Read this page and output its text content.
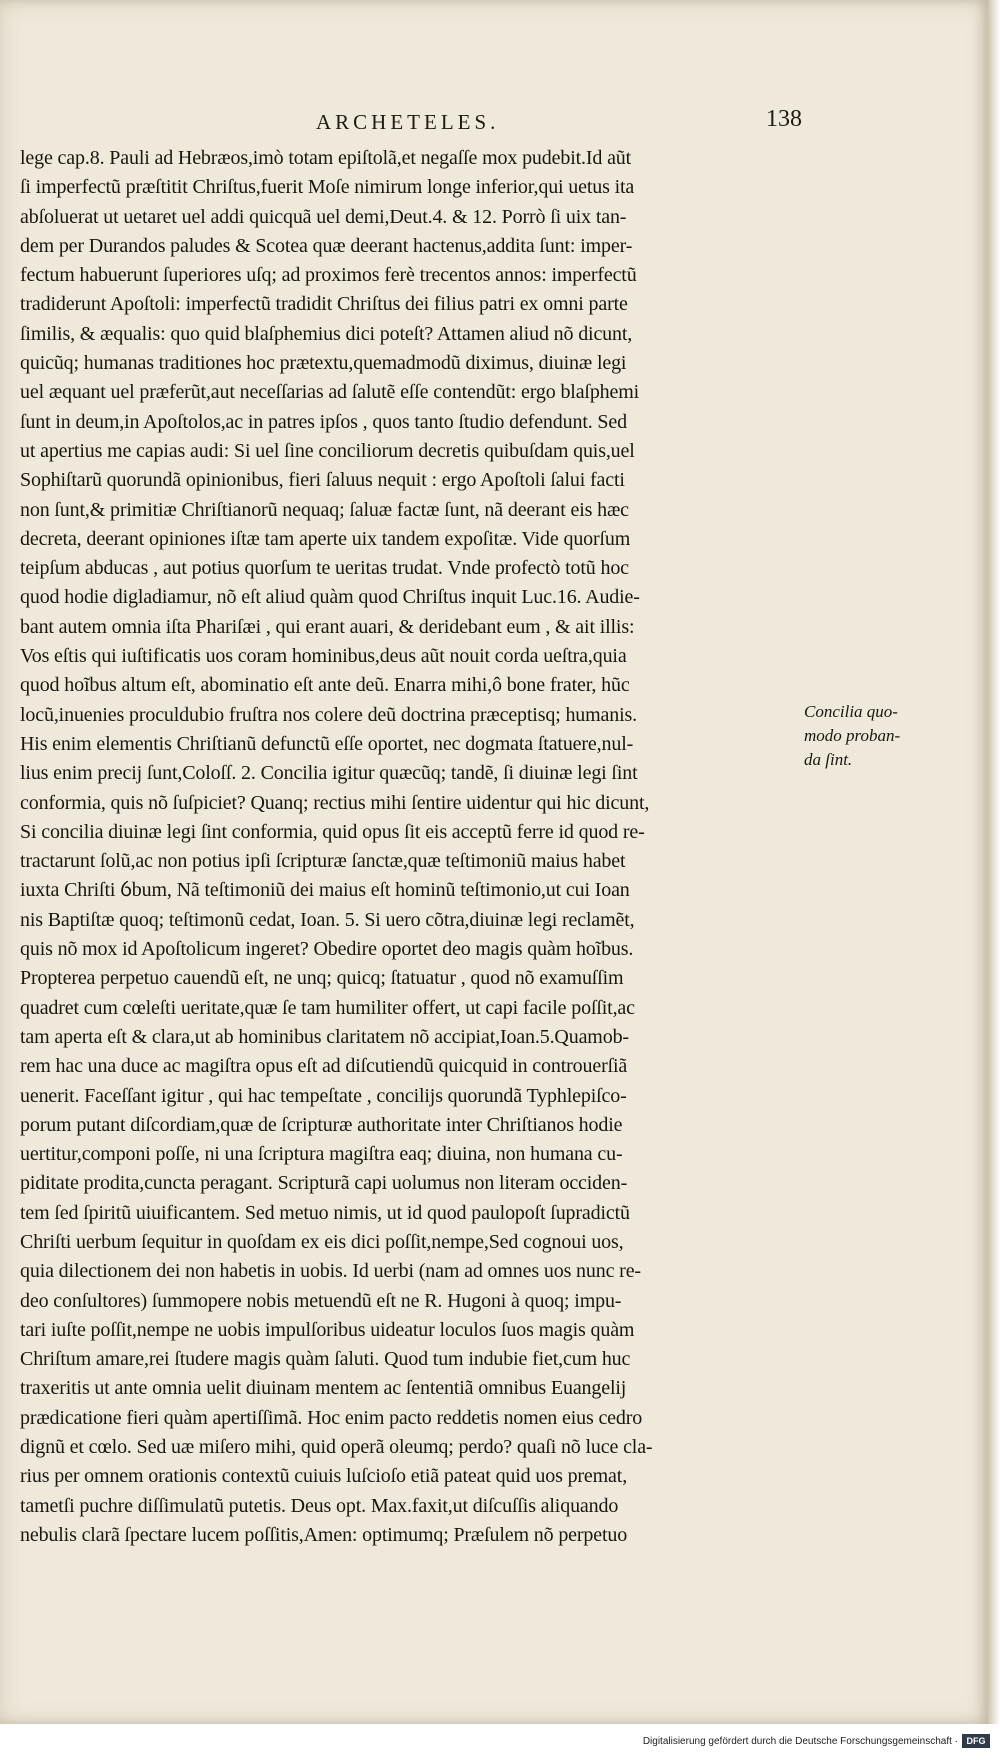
ARCHETELES.	138
lege cap.8. Pauli ad Hebræos,imò totam epiſtolã,et negaſſe mox pudebit.Id aũt
ſi imperfectũ præſtitit Chriſtus,fuerit Moſe nimirum longe inferior,qui uetus ita
abſoluerat ut uetaret uel addi quicquã uel demi,Deut.4. & 12. Porrò ſi uix tan-
dem per Durandos paludes & Scotea quæ deerant hactenus,addita ſunt: imper-
fectum habuerunt ſuperiores uſq; ad proximos ferè trecentos annos: imperfectũ
tradiderunt Apoſtoli: imperfectũ tradidit Chriſtus dei filius patri ex omni parte
ſimilis, & æqualis: quo quid blaſphemius dici poteſt? Attamen aliud nõ dicunt,
quicũq; humanas traditiones hoc prætextu,quemadmodũ diximus, diuinæ legi
uel æquant uel præferũt,aut neceſſarias ad ſalutẽ eſſe contendũt: ergo blaſphemi
ſunt in deum,in Apoſtolos,ac in patres ipſos , quos tanto ſtudio defendunt. Sed
ut apertius me capias audi: Si uel ſine conciliorum decretis quibuſdam quis,uel
Sophiſtarũ quorundã opinionibus, fieri ſaluus nequit : ergo Apoſtoli ſalui facti
non ſunt,& primitiæ Chriſtianorũ nequaq; ſaluæ factæ ſunt, nã deerant eis hæc
decreta, deerant opiniones iſtæ tam aperte uix tandem expoſitæ. Vide quorſum
teipſum abducas , aut potius quorſum te ueritas trudat. Vnde profectò totũ hoc
quod hodie digladiamur, nõ eſt aliud quàm quod Chriſtus inquit Luc.16. Audie-
bant autem omnia iſta Phariſæi , qui erant auari, & deridebant eum , & ait illis:
Vos eſtis qui iuſtificatis uos coram hominibus,deus aũt nouit corda ueſtra,quia
quod hoĩbus altum eſt, abominatio eſt ante deũ. Enarra mihi,ô bone frater, hũc
locũ,inuenies proculdubio fruſtra nos colere deũ doctrina præceptisq; humanis.
His enim elementis Chriſtianũ defunctũ eſſe oportet, nec dogmata ſtatuere,nul-
lius enim precij ſunt,Coloſſ. 2. Concilia igitur quæcũq; tandẽ, ſi diuinæ legi ſint
conformia, quis nõ ſuſpiciet? Quanq; rectius mihi ſentire uidentur qui hic dicunt,
Si concilia diuinæ legi ſint conformia, quid opus ſit eis acceptũ ferre id quod re-
tractarunt ſolũ,ac non potius ipſi ſcripturæ ſanctæ,quæ teſtimoniũ maius habet
iuxta Chriſti ỽbum, Nã teſtimoniũ dei maius eſt hominũ teſtimonio,ut cui Ioan
nis Baptiſtæ quoq; teſtimonũ cedat, Ioan. 5. Si uero cõtra,diuinæ legi reclamẽt,
quis nõ mox id Apoſtolicum ingeret? Obedire oportet deo magis quàm hoĩbus.
Propterea perpetuo cauendũ eſt, ne unq; quicq; ſtatuatur , quod nõ examuſſim
quadret cum cœleſti ueritate,quæ ſe tam humiliter offert, ut capi facile poſſit,ac
tam aperta eſt & clara,ut ab hominibus claritatem nõ accipiat,Ioan.5.Quamob-
rem hac una duce ac magiſtra opus eſt ad diſcutiendũ quicquid in controuerſiã
uenerit. Faceſſant igitur , qui hac tempeſtate , concilijs quorundã Typhlepiſco-
porum putant diſcordiam,quæ de ſcripturæ authoritate inter Chriſtianos hodie
uertitur,componi poſſe, ni una ſcriptura magiſtra eaq; diuina, non humana cu-
piditate prodita,cuncta peragant. Scripturã capi uolumus non literam occiden-
tem ſed ſpiritũ uiuificantem. Sed metuo nimis, ut id quod paulopoſt ſupradictũ
Chriſti uerbum ſequitur in quoſdam ex eis dici poſſit,nempe,Sed cognoui uos,
quia dilectionem dei non habetis in uobis. Id uerbi (nam ad omnes uos nunc re-
deo conſultores) ſummopere nobis metuendũ eſt ne R. Hugoni à quoq; impu-
tari iuſte poſſit,nempe ne uobis impulſoribus uideatur loculos ſuos magis quàm
Chriſtum amare,rei ſtudere magis quàm ſaluti. Quod tum indubie fiet,cum huc
traxeritis ut ante omnia uelit diuinam mentem ac ſententiã omnibus Euangelij
prædicatione fieri quàm apertiſſimã. Hoc enim pacto reddetis nomen eius cedro
dignũ et cœlo. Sed uæ miſero mihi, quid operã oleumq; perdo? quaſi nõ luce cla-
rius per omnem orationis contextũ cuiuis luſcioſo etiã pateat quid uos premat,
tametſi puchre diſſimulatũ putetis. Deus opt. Max.faxit,ut diſcuſſis aliquando
nebulis clarã ſpectare lucem poſſitis,Amen: optimumq; Præſulem nõ perpetuo
Concilia quo-
modo proban-
da ſint.
Digitalisierung gefördert durch die Deutsche Forschungsgemeinschaft · DFG
